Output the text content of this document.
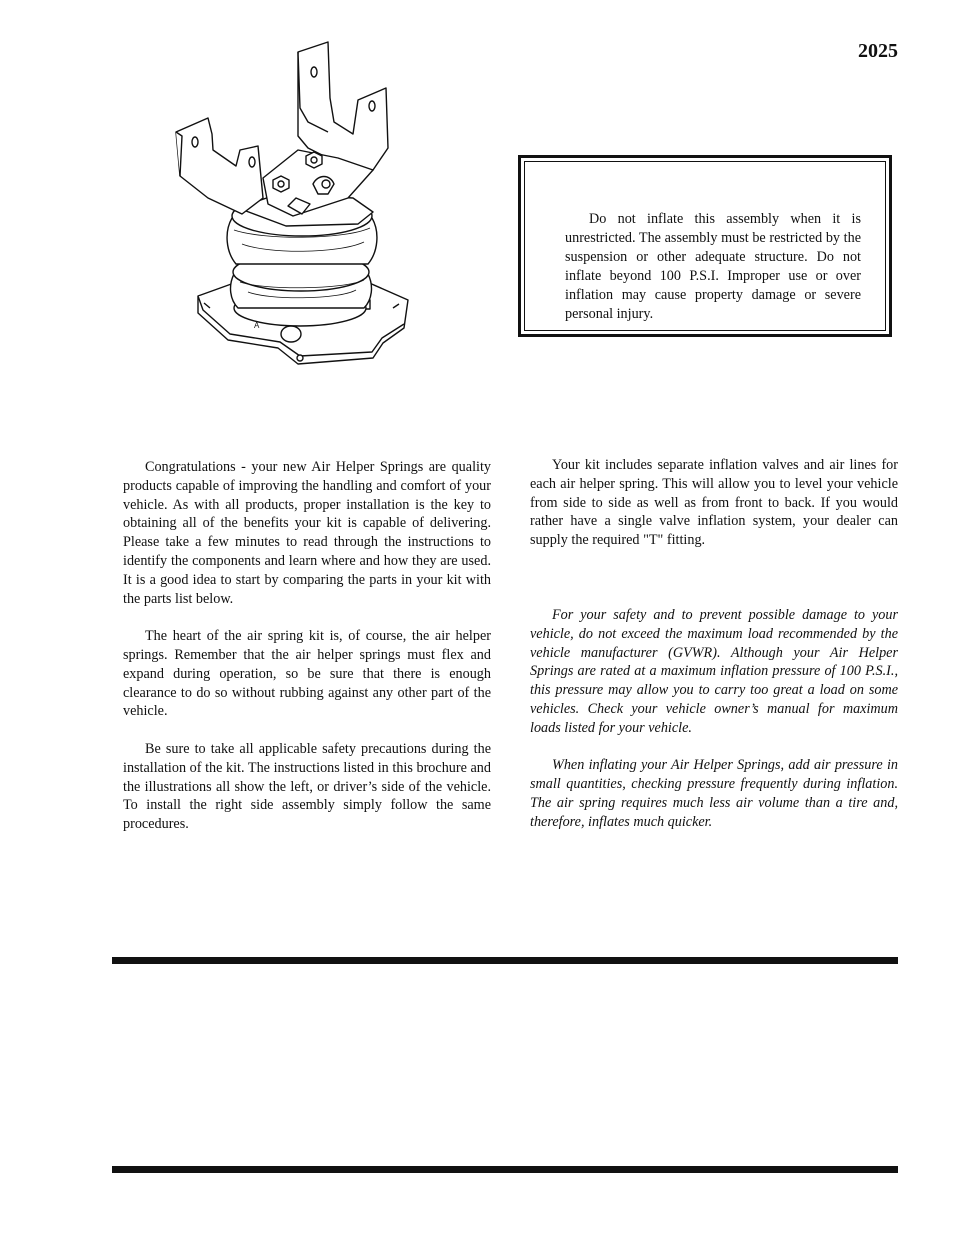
2025
A

Do not inflate this assembly when it is unrestricted. The assembly must be restricted by the suspension or other adequate structure. Do not inflate beyond 100 P.S.I. Improper use or over inflation may cause property damage or severe personal injury.

Congratulations - your new Air Helper Springs are quality products capable of improving the handling and comfort of your vehicle. As with all products, proper installation is the key to obtaining all of the benefits your kit is capable of delivering. Please take a few minutes to read through the instructions to identify the components and learn where and how they are used. It is a good idea to start by comparing the parts in your kit with the parts list below.

The heart of the air spring kit is, of course, the air helper springs. Remember that the air helper springs must flex and expand during operation, so be sure that there is enough clearance to do so without rubbing against any other part of the vehicle.

Be sure to take all applicable safety precautions during the installation of the kit. The instructions listed in this brochure and the illustrations all show the left, or driver’s side of the vehicle. To install the right side assembly simply follow the same procedures.

Your kit includes separate inflation valves and air lines for each air helper spring. This will allow you to level your vehicle from side to side as well as from front to back. If you would rather have a single valve inflation system, your dealer can supply the required "T" fitting.

For your safety and to prevent possible damage to your vehicle, do not exceed the maximum load recommended by the vehicle manufacturer (GVWR). Although your Air Helper Springs are rated at a maximum inflation pressure of 100 P.S.I., this pressure may allow you to carry too great a load on some vehicles. Check your vehicle owner’s manual for maximum loads listed for your vehicle.

When inflating your Air Helper Springs, add air pressure in small quantities, checking pressure frequently during inflation. The air spring requires much less air volume than a tire and, therefore, inflates much quicker.
